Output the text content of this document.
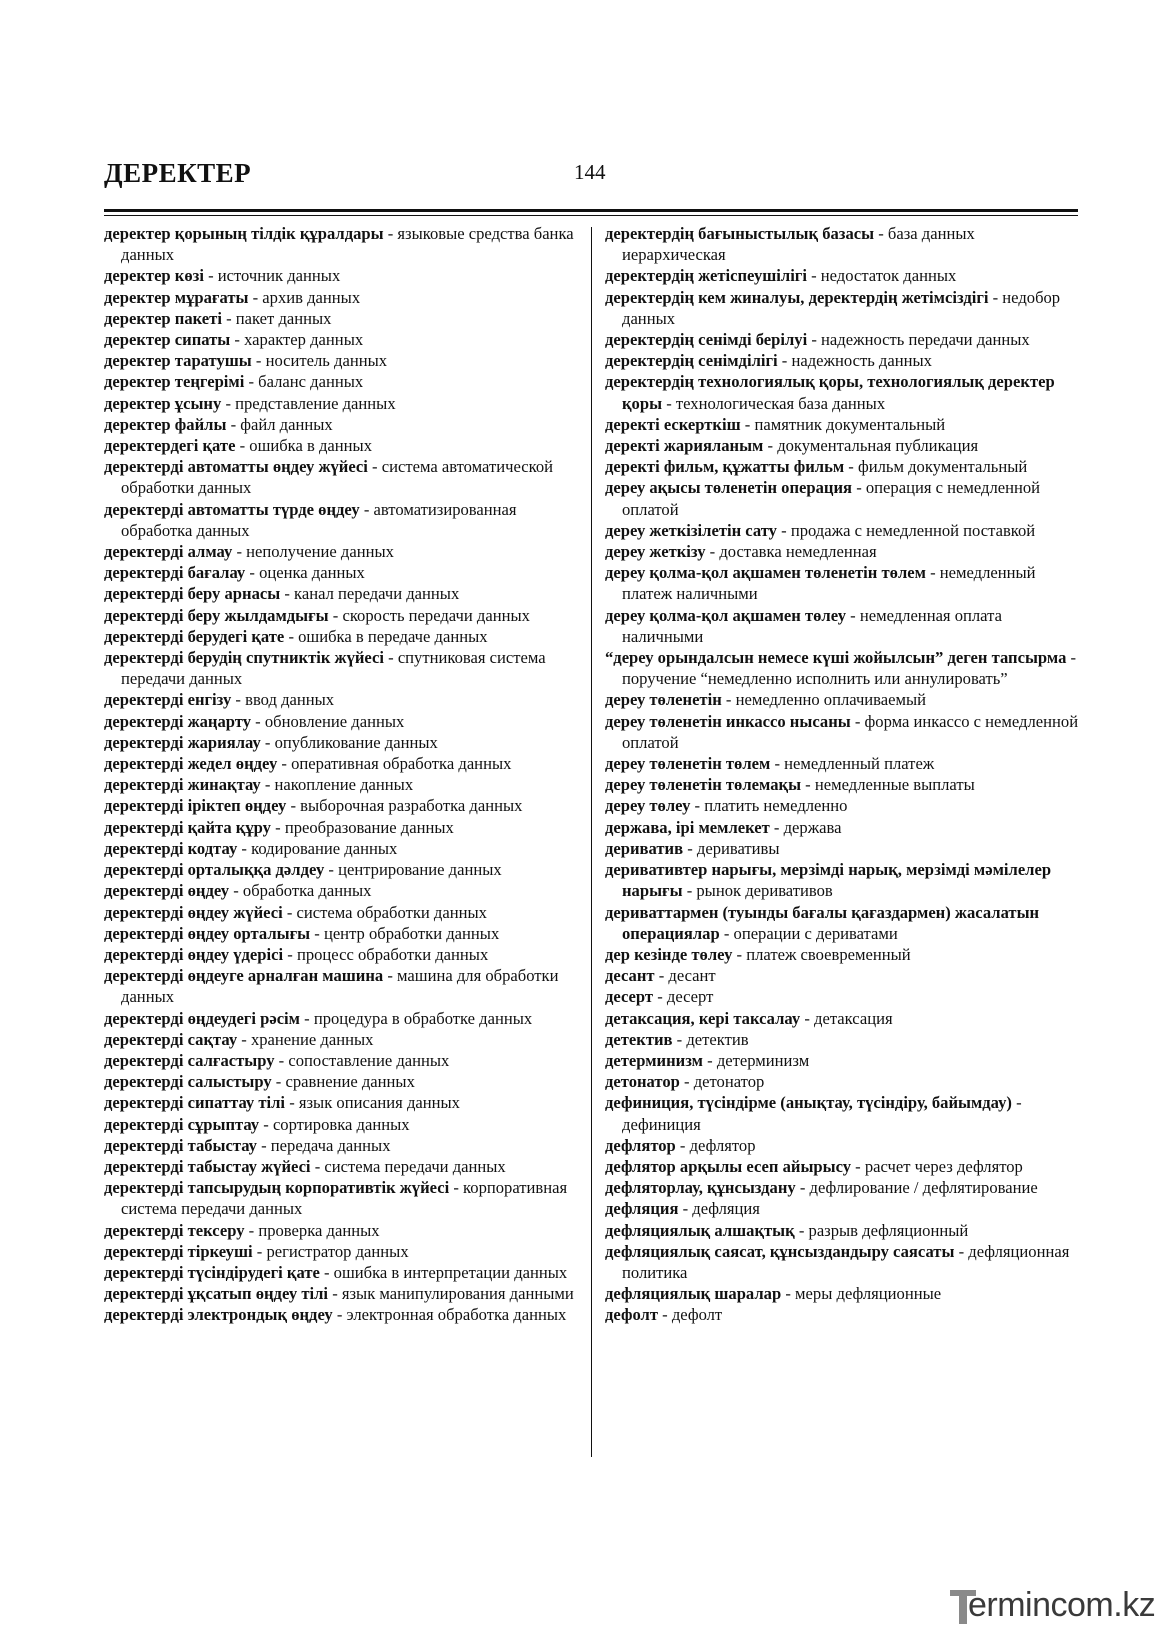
ДЕРЕКТЕР	144

деректер қорының тілдік құралдары - языковые средства банка данных

деректер көзі - источник данных

деректер мұрағаты - архив данных

деректер пакеті - пакет данных

деректер сипаты - характер данных

деректер таратушы - носитель данных

деректер теңгерімі - баланс данных

деректер ұсыну - представление данных

деректер файлы - файл данных

деректердегі қате - ошибка в данных

деректерді автоматты өңдеу жүйесі - система автоматической обработки данных

деректерді автоматты түрде өңдеу - автоматизированная обработка данных

деректерді алмау - неполучение данных

деректерді бағалау - оценка данных

деректерді беру арнасы - канал передачи данных

деректерді беру жылдамдығы - скорость передачи данных

деректерді берудегі қате - ошибка в передаче данных

деректерді берудің спутниктік жүйесі - спутниковая система передачи данных

деректерді енгізу - ввод данных

деректерді жаңарту - обновление данных

деректерді жариялау - опубликование данных

деректерді жедел өңдеу - оперативная обработка данных

деректерді жинақтау - накопление данных

деректерді іріктеп өңдеу - выборочная разработка данных

деректерді қайта құру - преобразование данных

деректерді кодтау - кодирование данных

деректерді орталыққа дәлдеу - центрирование данных

деректерді өңдеу - обработка данных

деректерді өңдеу жүйесі - система обработки данных

деректерді өңдеу орталығы - центр обработки данных

деректерді өңдеу үдерісі - процесс обработки данных

деректерді өңдеуге арналған машина - машина для обработки данных

деректерді өңдеудегі рәсім - процедура в обработке данных

деректерді сақтау - хранение данных

деректерді салғастыру - сопоставление данных

деректерді салыстыру - сравнение данных

деректерді сипаттау тілі - язык описания данных

деректерді сұрыптау - сортировка данных

деректерді табыстау - передача данных

деректерді табыстау жүйесі - система передачи данных

деректерді тапсырудың корпоративтік жүйесі - корпоративная система передачи данных

деректерді тексеру - проверка данных

деректерді тіркеуші - регистратор данных

деректерді түсіндірудегі қате - ошибка в интерпретации данных

деректерді ұқсатып өңдеу тілі - язык манипулирования данными

деректерді электрондық өңдеу - электронная обработка данных

деректердің бағыныстылық базасы - база данных иерархическая

деректердің жетіспеушілігі - недостаток данных

деректердің кем жиналуы, деректердің жетімсіздігі - недобор данных

деректердің сенімді берілуі - надежность передачи данных

деректердің сенімділігі - надежность данных

деректердің технологиялық қоры, технологиялық деректер қоры - технологическая база данных

деректі ескерткіш - памятник документальный

деректі жарияланым - документальная публикация

деректі фильм, құжатты фильм - фильм документальный

дереу ақысы төленетін операция - операция с немедленной оплатой

дереу жеткізілетін сату - продажа с немедленной поставкой

дереу жеткізу - доставка немедленная

дереу қолма-қол ақшамен төленетін төлем - немедленный платеж наличными

дереу қолма-қол ақшамен төлеу - немедленная оплата наличными

“дереу орындалсын немесе күші жойылсын” деген тапсырма - поручение “немедленно исполнить или аннулировать”

дереу төленетін - немедленно оплачиваемый

дереу төленетін инкассо нысаны - форма инкассо с немедленной оплатой

дереу төленетін төлем - немедленный платеж

дереу төленетін төлемақы - немедленные выплаты

дереу төлеу - платить немедленно

держава, ірі мемлекет - держава

дериватив - деривативы

деривативтер нарығы, мерзімді нарық, мерзімді мәмілелер нарығы - рынок деривативов

дериваттармен (туынды бағалы қағаздармен) жасалатын операциялар - операции с дериватами

дер кезінде төлеу - платеж своевременный

десант - десант

десерт - десерт

детаксация, кері таксалау - детаксация

детектив - детектив

детерминизм - детерминизм

детонатор - детонатор

дефиниция, түсіндірме (анықтау, түсіндіру, байымдау) - дефиниция

дефлятор - дефлятор

дефлятор арқылы есеп айырысу - расчет через дефлятор

дефляторлау, құнсыздану - дефлирование / дефлятирование

дефляция - дефляция

дефляциялық алшақтық - разрыв дефляционный

дефляциялық саясат, құнсыздандыру саясаты - дефляционная политика

дефляциялық шаралар - меры дефляционные

дефолт - дефолт

ermincom.kz
